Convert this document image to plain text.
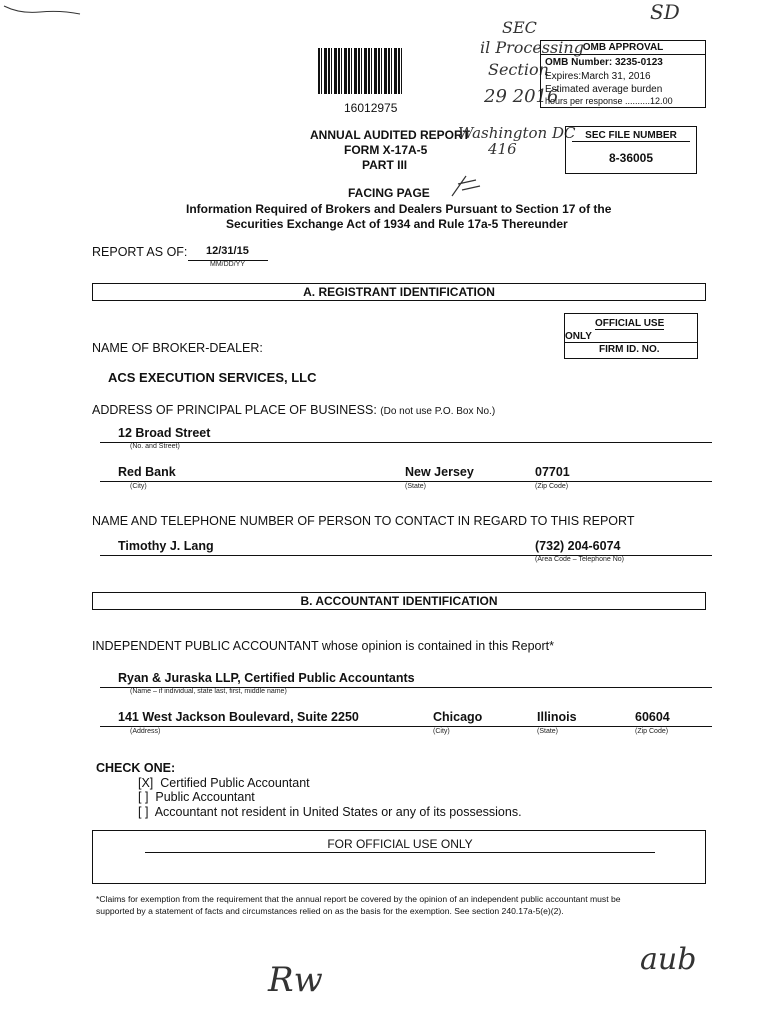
SD
16012975
SEC
il Processing
Section
29 2016
OMB APPROVAL
OMB Number: 3235-0123
Expires:March 31, 2016
Estimated average burden
hours per response ..........12.00
ANNUAL AUDITED REPORT
Washington DC
FORM X-17A-5	416
PART III
SEC FILE NUMBER
8-36005
FACING PAGE
Information Required of Brokers and Dealers Pursuant to Section 17 of the
Securities Exchange Act of 1934 and Rule 17a-5 Thereunder
REPORT AS OF: 12/31/15
MM/DD/YY
A. REGISTRANT IDENTIFICATION
OFFICIAL USE
ONLY
FIRM ID. NO.
NAME OF BROKER-DEALER:
ACS EXECUTION SERVICES, LLC
ADDRESS OF PRINCIPAL PLACE OF BUSINESS: (Do not use P.O. Box No.)
12 Broad Street
(No. and Street)
Red Bank	New Jersey	07701
(City)	(State)	(Zip Code)
NAME AND TELEPHONE NUMBER OF PERSON TO CONTACT IN REGARD TO THIS REPORT
Timothy J. Lang	(732) 204-6074
(Area Code – Telephone No)
B. ACCOUNTANT IDENTIFICATION
INDEPENDENT PUBLIC ACCOUNTANT whose opinion is contained in this Report*
Ryan & Juraska LLP, Certified Public Accountants
(Name – if individual, state last, first, middle name)
141 West Jackson Boulevard, Suite 2250	Chicago	Illinois	60604
(Address)	(City)	(State)	(Zip Code)
CHECK ONE:
[X] Certified Public Accountant
[ ] Public Accountant
[ ] Accountant not resident in United States or any of its possessions.
FOR OFFICIAL USE ONLY
*Claims for exemption from the requirement that the annual report be covered by the opinion of an independent public accountant must be
supported by a statement of facts and circumstances relied on as the basis for the exemption. See section 240.17a-5(e)(2).
aub
Rw
